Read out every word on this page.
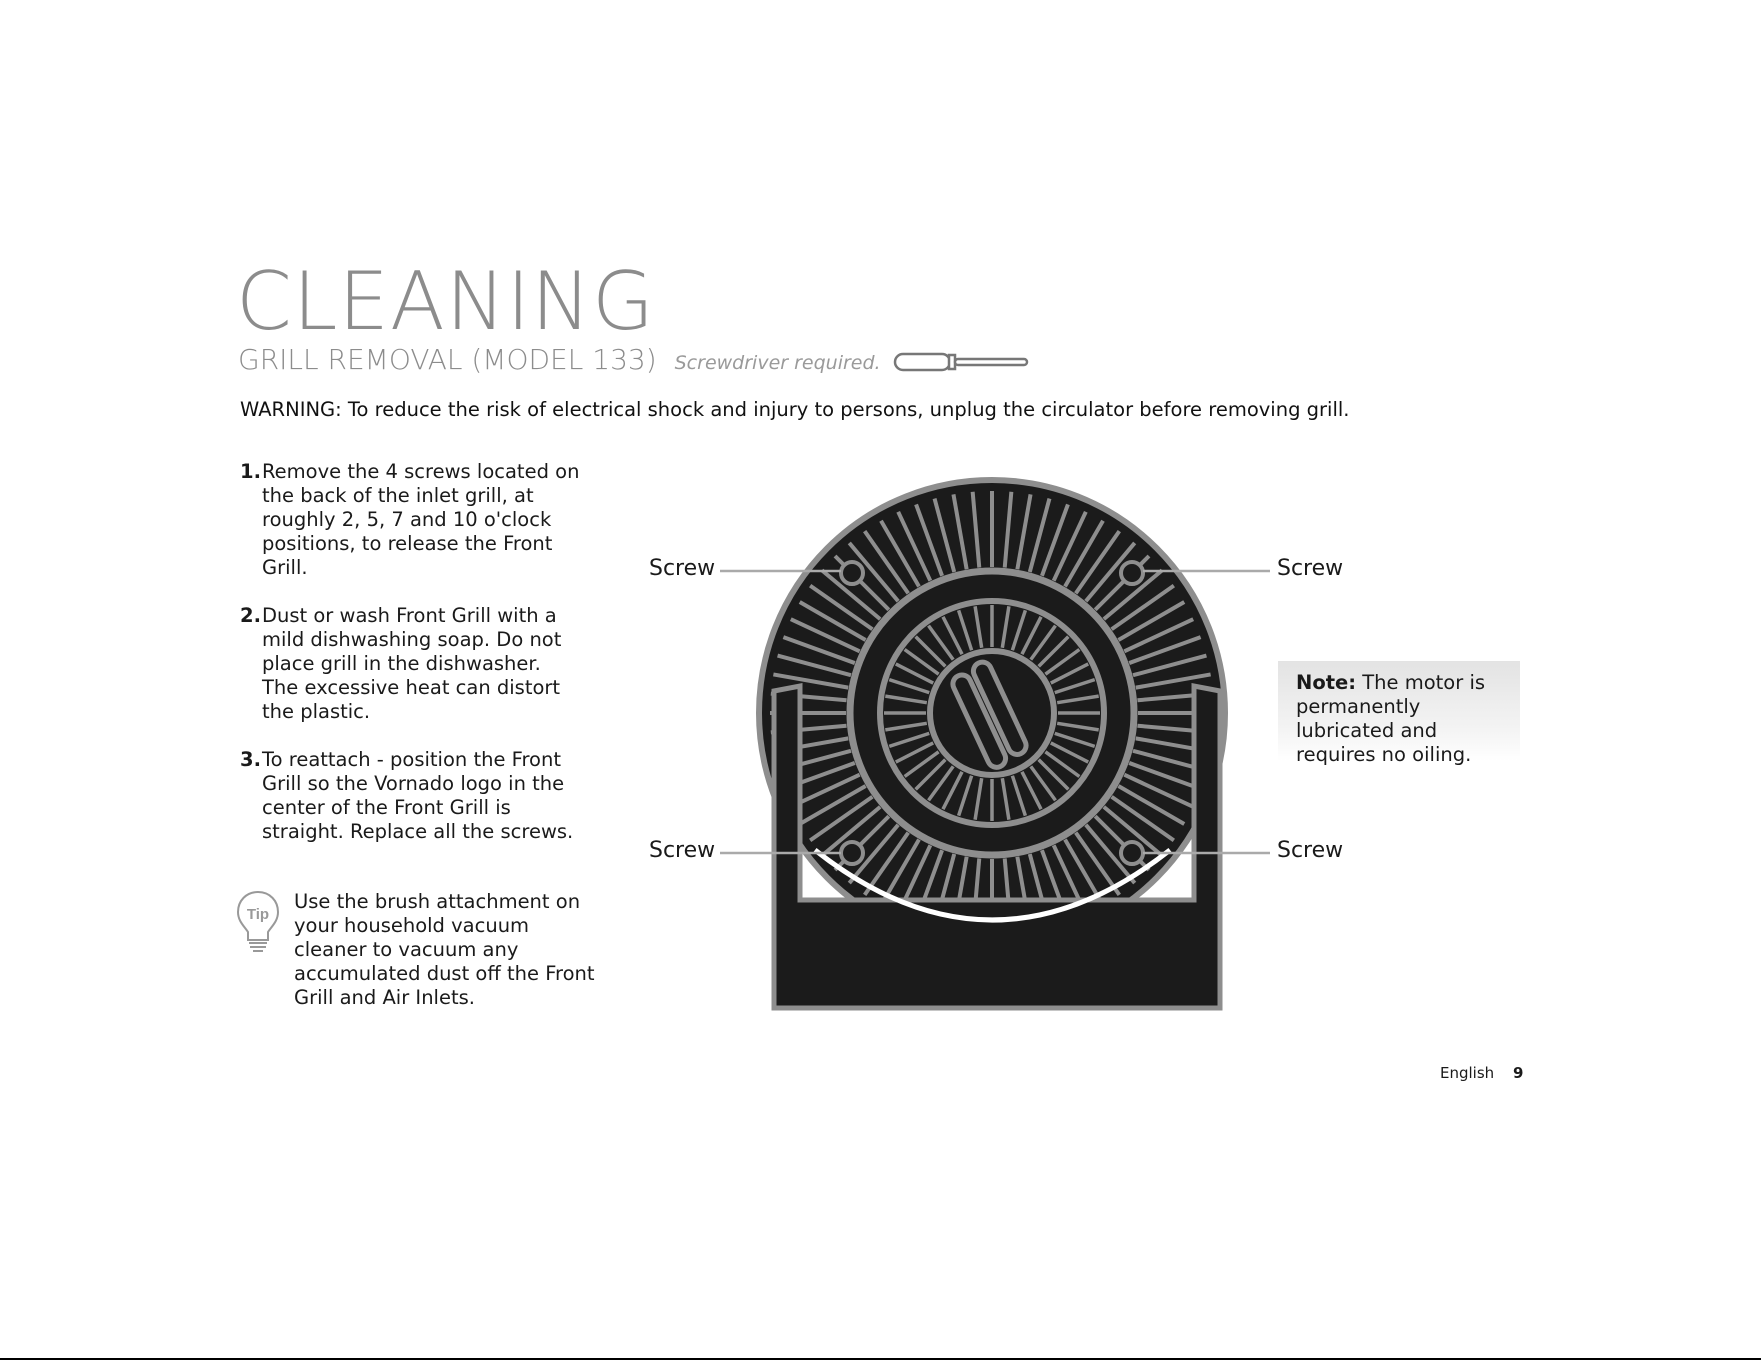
CLEANING
GRILL REMOVAL (MODEL 133) Screwdriver required.
WARNING: To reduce the risk of electrical shock and injury to persons, unplug the circulator before removing grill.
1. Remove the 4 screws located on the back of the inlet grill, at roughly 2, 5, 7 and 10 o'clock positions, to release the Front Grill.
2. Dust or wash Front Grill with a mild dishwashing soap. Do not place grill in the dishwasher. The excessive heat can distort the plastic.
3. To reattach - position the Front Grill so the Vornado logo in the center of the Front Grill is straight. Replace all the screws.
Tip
Use the brush attachment on your household vacuum cleaner to vacuum any accumulated dust off the Front Grill and Air Inlets.
Screw	Screw
Screw	Screw
Note: The motor is permanently lubricated and requires no oiling.
English 9
